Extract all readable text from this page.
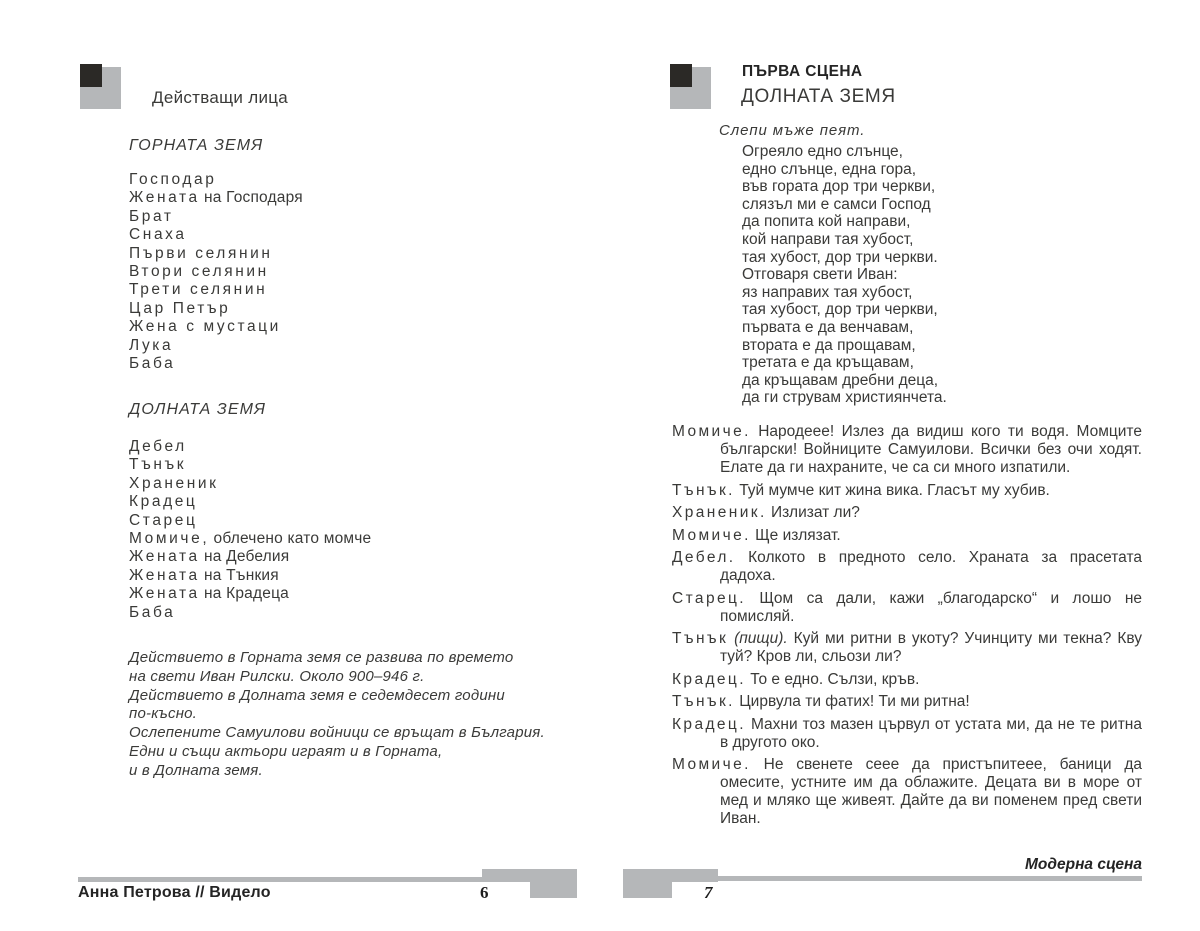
Действащи лица
ГОРНАТА ЗЕМЯ
Господар
Жената на Господаря
Брат
Снаха
Първи селянин
Втори селянин
Трети селянин
Цар Петър
Жена с мустаци
Лука
Баба
ДОЛНАТА ЗЕМЯ
Дебел
Тънък
Храненик
Крадец
Старец
Момиче, облечено като момче
Жената на Дебелия
Жената на Тънкия
Жената на Крадеца
Баба
Действието в Горната земя се развива по времето
на свети Иван Рилски. Около 900–946 г.
Действието в Долната земя е седемдесет години
по-късно.
Ослепените Самуилови войници се връщат в България.
Едни и същи актьори играят и в Горната,
и в Долната земя.
Анна Петрова // Видело	6
ПЪРВА СЦЕНА
ДОЛНАТА ЗЕМЯ
Слепи мъже пеят.
Огреяло едно слънце,
едно слънце, една гора,
във гората дор три черкви,
слязъл ми е самси Господ
да попита кой направи,
кой направи тая хубост,
тая хубост, дор три черкви.
Отговаря свети Иван:
яз направих тая хубост,
тая хубост, дор три черкви,
първата е да венчавам,
втората е да прощавам,
третата е да кръщавам,
да кръщавам дребни деца,
да ги струвам християнчета.

Момиче. Народеее! Излез да видиш кого ти водя. Момците български! Войниците Самуилови. Всички без очи ходят. Елате да ги нахраните, че са си много изпатили.

Тънък. Туй мумче кит жина вика. Гласът му хубив.

Храненик. Излизат ли?

Момиче. Ще излязат.

Дебел. Колкото в предното село. Храната за прасетата дадоха.

Старец. Щом са дали, кажи „благодарско“ и лошо не помисляй.

Тънък (пищи). Куй ми ритни в укоту? Учинциту ми текна? Кву туй? Кров ли, сльози ли?

Крадец. То е едно. Сълзи, кръв.

Тънък. Цирвула ти фатих! Ти ми ритна!

Крадец. Махни тоз мазен цървул от устата ми, да не те ритна в другото око.

Момиче. Не свенете сеее да пристъпитеее, баници да омесите, устните им да облажите. Децата ви в море от мед и мляко ще живеят. Дайте да ви поменем пред свети Иван.

Модерна сцена
7
